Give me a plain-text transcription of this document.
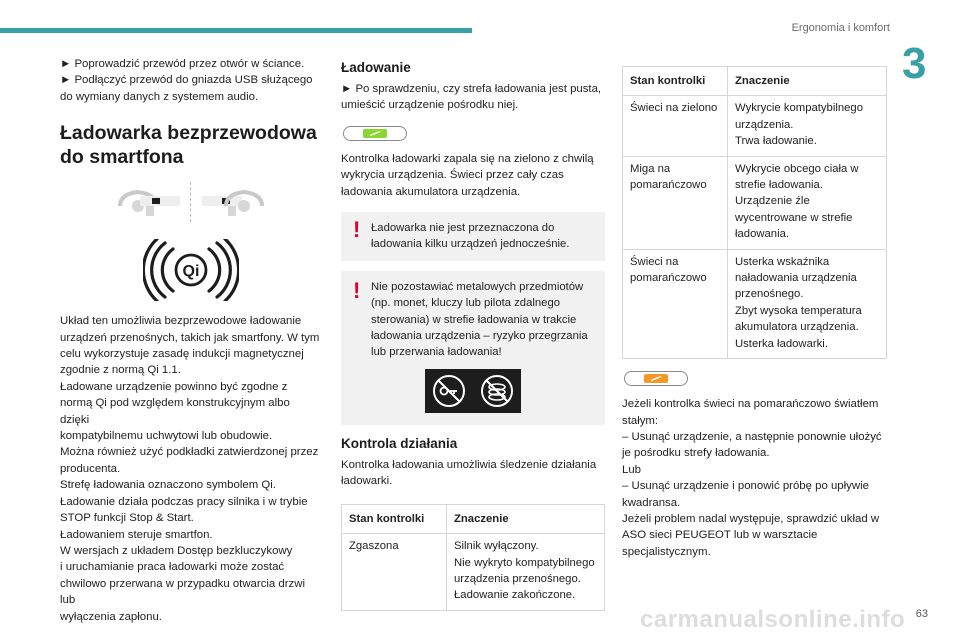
Ergonomia i komfort
3

► Poprowadzić przewód przez otwór w ściance.

► Podłączyć przewód do gniazda USB służącego do wymiany danych z systemem audio.

Ładowarka bezprzewodowa do smartfona
Qi

Układ ten umożliwia bezprzewodowe ładowanie

urządzeń przenośnych, takich jak smartfony. W tym

celu wykorzystuje zasadę indukcji magnetycznej

zgodnie z normą Qi 1.1.

Ładowane urządzenie powinno być zgodne z

normą Qi pod względem konstrukcyjnym albo dzięki

kompatybilnemu uchwytowi lub obudowie.

Można również użyć podkładki zatwierdzonej przez

producenta.

Strefę ładowania oznaczono symbolem Qi.

Ładowanie działa podczas pracy silnika i w trybie

STOP funkcji Stop & Start.

Ładowaniem steruje smartfon.

W wersjach z układem Dostęp bezkluczykowy

i uruchamianie praca ładowarki może zostać

chwilowo przerwana w przypadku otwarcia drzwi lub

wyłączenia zapłonu.

Ładowanie

► Po sprawdzeniu, czy strefa ładowania jest pusta, umieścić urządzenie pośrodku niej.

Kontrolka ładowarki zapala się na zielono z chwilą wykrycia urządzenia. Świeci przez cały czas ładowania akumulatora urządzenia.

! Ładowarka nie jest przeznaczona do ładowania kilku urządzeń jednocześnie.

! Nie pozostawiać metalowych przedmiotów (np. monet, kluczy lub pilota zdalnego sterowania) w strefie ładowania w trakcie ładowania urządzenia – ryzyko przegrzania lub przerwania ładowania!

Kontrola działania

Kontrolka ładowania umożliwia śledzenie działania ładowarki.

Stan kontrolki	Znaczenie
Zgaszona	Silnik wyłączony.
Nie wykryto kompatybilnego urządzenia przenośnego.
Ładowanie zakończone.
Stan kontrolki	Znaczenie
Świeci na zielono	Wykrycie kompatybilnego urządzenia.
Trwa ładowanie.

Miga na pomarańczowo	Wykrycie obcego ciała w strefie ładowania.
Urządzenie źle wycentrowane w strefie ładowania.

Świeci na pomarańczowo	Usterka wskaźnika naładowania urządzenia przenośnego.
Zbyt wysoka temperatura akumulatora urządzenia.
Usterka ładowarki.

Jeżeli kontrolka świeci na pomarańczowo światłem stałym:

– Usunąć urządzenie, a następnie ponownie ułożyć je pośrodku strefy ładowania.

Lub

– Usunąć urządzenie i ponowić próbę po upływie kwadransa.

Jeżeli problem nadal występuje, sprawdzić układ w ASO sieci PEUGEOT lub w warsztacie specjalistycznym.

63
carmanualsonline.info
